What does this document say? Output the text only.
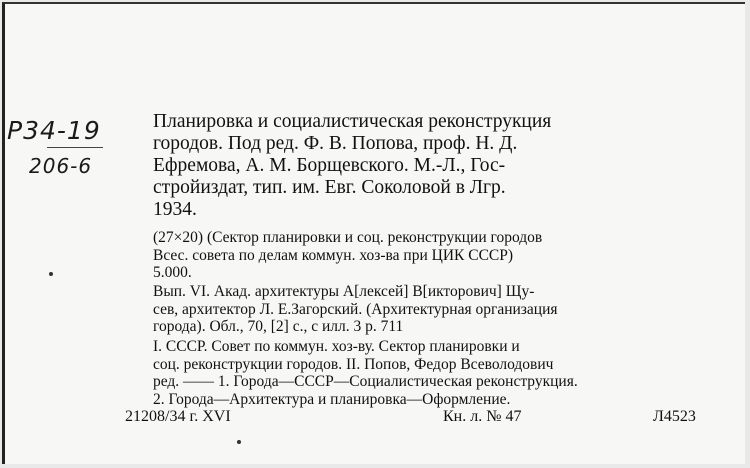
Р34-19
206-6
Планировка и социалистическая реконструкция
городов. Под ред. Ф. В. Попова, проф. Н. Д.
Ефремова, А. М. Борщевского. М.-Л., Гос-
стройиздат, тип. им. Евг. Соколовой в Лгр.
1934.
(27×20) (Сектор планировки и соц. реконструкции городов
Всес. совета по делам коммун. хоз-ва при ЦИК СССР)
5.000.
Вып. VI. Акад. архитектуры А[лексей] В[икторович] Щу-
сев, архитектор Л. Е.Загорский. (Архитектурная организация
города). Обл., 70, [2] с., с илл. 3 р. 711
I. СССР. Совет по коммун. хоз-ву. Сектор планировки и
соц. реконструкции городов. II. Попов, Федор Всеволодович
ред. —— 1. Города—СССР—Социалистическая реконструкция.
2. Города—Архитектура и планировка—Оформление.
21208/34 г. XVI	Кн. л. № 47	Л4523
